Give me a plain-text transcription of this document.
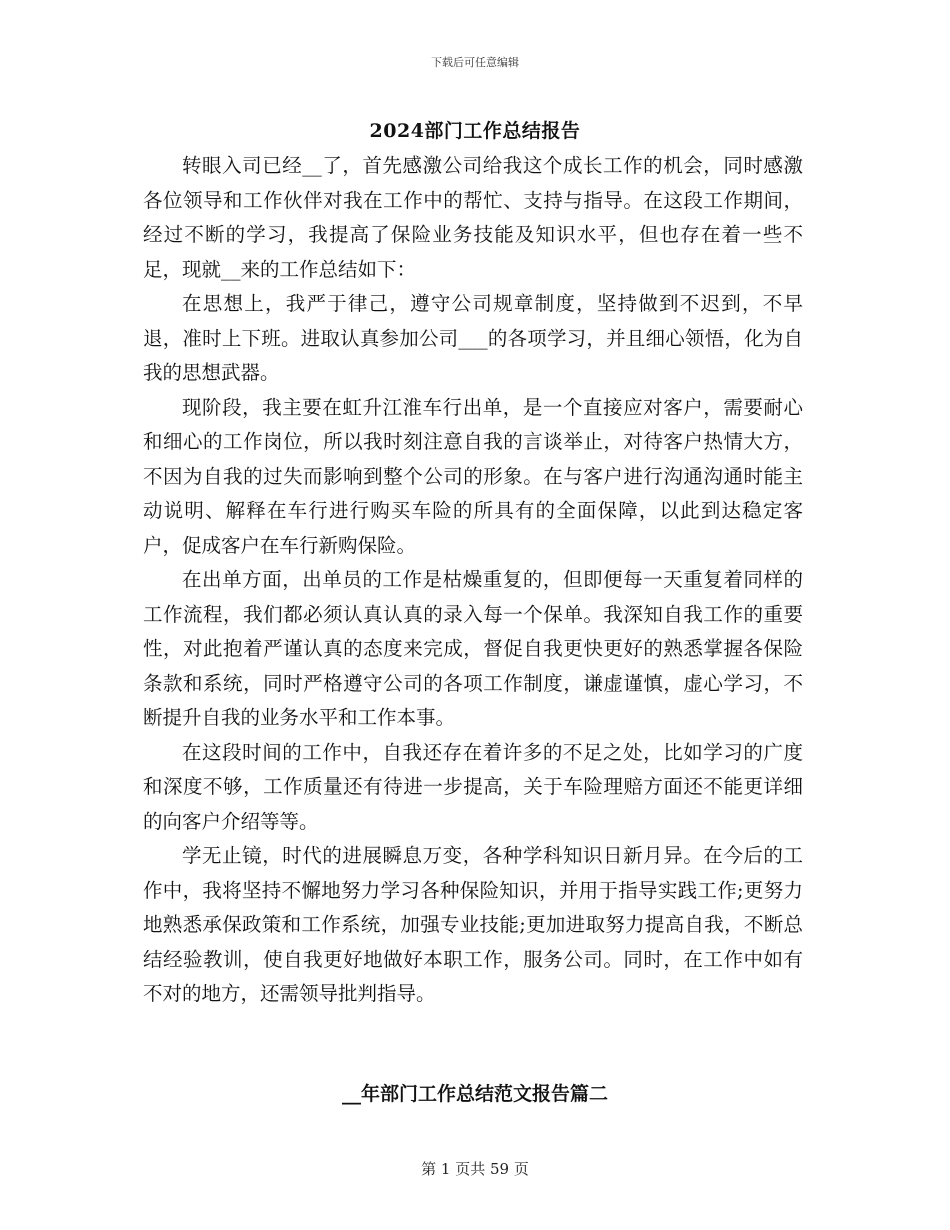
下载后可任意编辑
2024部门工作总结报告

转眼入司已经__了，首先感激公司给我这个成长工作的机会，同时感激各位领导和工作伙伴对我在工作中的帮忙、支持与指导。在这段工作期间，经过不断的学习，我提高了保险业务技能及知识水平，但也存在着一些不足，现就__来的工作总结如下：

在思想上，我严于律己，遵守公司规章制度，坚持做到不迟到，不早退，准时上下班。进取认真参加公司___的各项学习，并且细心领悟，化为自我的思想武器。

现阶段，我主要在虹升江淮车行出单，是一个直接应对客户，需要耐心和细心的工作岗位，所以我时刻注意自我的言谈举止，对待客户热情大方，不因为自我的过失而影响到整个公司的形象。在与客户进行沟通沟通时能主动说明、解释在车行进行购买车险的所具有的全面保障，以此到达稳定客户，促成客户在车行新购保险。

在出单方面，出单员的工作是枯燥重复的，但即便每一天重复着同样的工作流程，我们都必须认真认真的录入每一个保单。我深知自我工作的重要性，对此抱着严谨认真的态度来完成，督促自我更快更好的熟悉掌握各保险条款和系统，同时严格遵守公司的各项工作制度，谦虚谨慎，虚心学习，不断提升自我的业务水平和工作本事。

在这段时间的工作中，自我还存在着许多的不足之处，比如学习的广度和深度不够，工作质量还有待进一步提高，关于车险理赔方面还不能更详细的向客户介绍等等。

学无止镜，时代的进展瞬息万变，各种学科知识日新月异。在今后的工作中，我将坚持不懈地努力学习各种保险知识，并用于指导实践工作;更努力地熟悉承保政策和工作系统，加强专业技能;更加进取努力提高自我，不断总结经验教训，使自我更好地做好本职工作，服务公司。同时，在工作中如有不对的地方，还需领导批判指导。

__年部门工作总结范文报告篇二
第 1 页共 59 页
